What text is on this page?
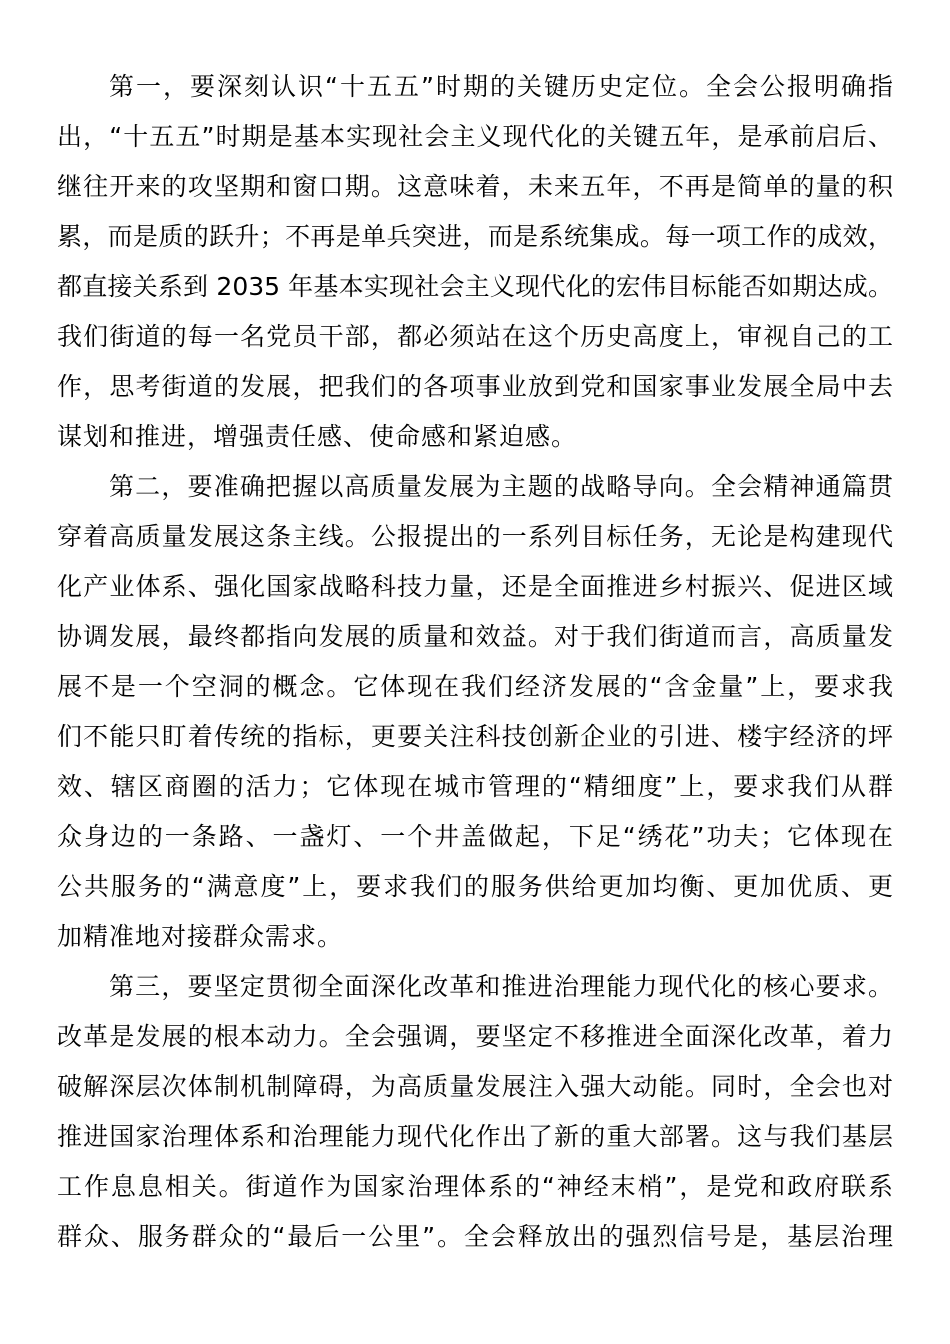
第一，要深刻认识“十五五”时期的关键历史定位。全会公报明确指
出，“十五五”时期是基本实现社会主义现代化的关键五年，是承前启后、
继往开来的攻坚期和窗口期。这意味着，未来五年，不再是简单的量的积
累，而是质的跃升；不再是单兵突进，而是系统集成。每一项工作的成效，
都直接关系到 2035 年基本实现社会主义现代化的宏伟目标能否如期达成。
我们街道的每一名党员干部，都必须站在这个历史高度上，审视自己的工
作，思考街道的发展，把我们的各项事业放到党和国家事业发展全局中去
谋划和推进，增强责任感、使命感和紧迫感。
第二，要准确把握以高质量发展为主题的战略导向。全会精神通篇贯
穿着高质量发展这条主线。公报提出的一系列目标任务，无论是构建现代
化产业体系、强化国家战略科技力量，还是全面推进乡村振兴、促进区域
协调发展，最终都指向发展的质量和效益。对于我们街道而言，高质量发
展不是一个空洞的概念。它体现在我们经济发展的“含金量”上，要求我
们不能只盯着传统的指标，更要关注科技创新企业的引进、楼宇经济的坪
效、辖区商圈的活力；它体现在城市管理的“精细度”上，要求我们从群
众身边的一条路、一盏灯、一个井盖做起，下足“绣花”功夫；它体现在
公共服务的“满意度”上，要求我们的服务供给更加均衡、更加优质、更
加精准地对接群众需求。
第三，要坚定贯彻全面深化改革和推进治理能力现代化的核心要求。
改革是发展的根本动力。全会强调，要坚定不移推进全面深化改革，着力
破解深层次体制机制障碍，为高质量发展注入强大动能。同时，全会也对
推进国家治理体系和治理能力现代化作出了新的重大部署。这与我们基层
工作息息相关。街道作为国家治理体系的“神经末梢”，是党和政府联系
群众、服务群众的“最后一公里”。全会释放出的强烈信号是，基层治理
